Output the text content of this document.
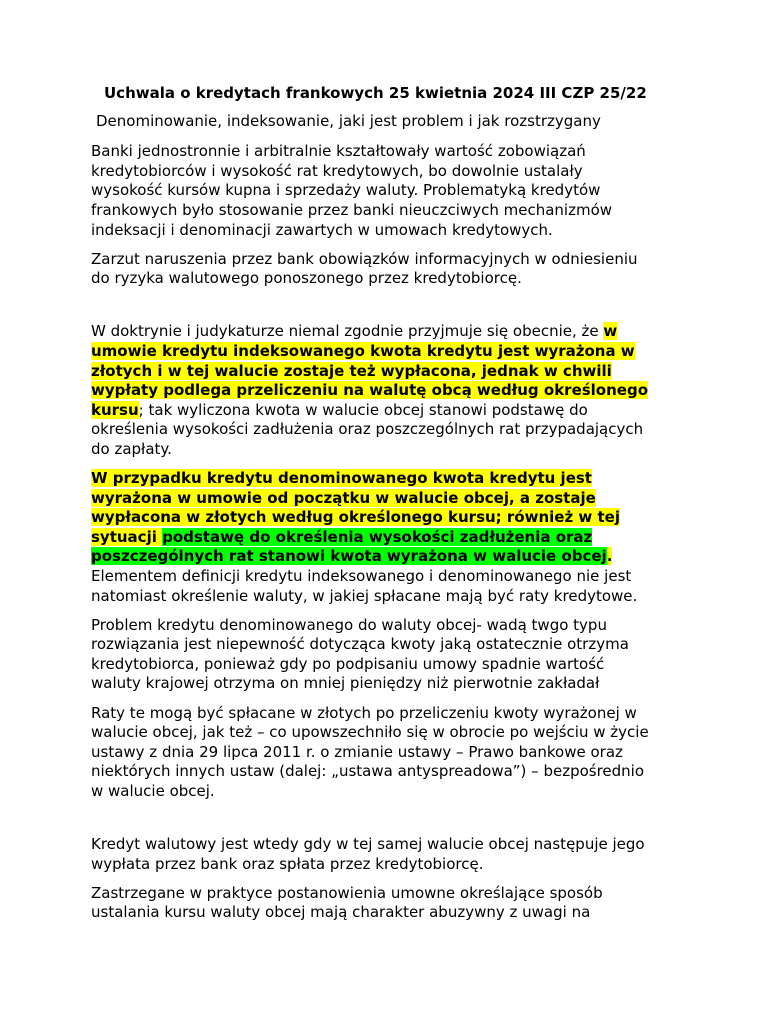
Uchwala o kredytach frankowych 25 kwietnia 2024 III CZP 25/22
Denominowanie, indeksowanie, jaki jest problem i jak rozstrzygany

Banki jednostronnie i arbitralnie kształtowały wartość zobowiązań
kredytobiorców i wysokość rat kredytowych, bo dowolnie ustalały
wysokość kursów kupna i sprzedaży waluty. Problematyką kredytów
frankowych było stosowanie przez banki nieuczciwych mechanizmów
indeksacji i denominacji zawartych w umowach kredytowych.

Zarzut naruszenia przez bank obowiązków informacyjnych w odniesieniu
do ryzyka walutowego ponoszonego przez kredytobiorcę.

W doktrynie i judykaturze niemal zgodnie przyjmuje się obecnie, że w
umowie kredytu indeksowanego kwota kredytu jest wyrażona w
złotych i w tej walucie zostaje też wypłacona, jednak w chwili
wypłaty podlega przeliczeniu na walutę obcą według określonego
kursu; tak wyliczona kwota w walucie obcej stanowi podstawę do
określenia wysokości zadłużenia oraz poszczególnych rat przypadających
do zapłaty.

W przypadku kredytu denominowanego kwota kredytu jest
wyrażona w umowie od początku w walucie obcej, a zostaje
wypłacona w złotych według określonego kursu; również w tej
sytuacji podstawę do określenia wysokości zadłużenia oraz
poszczególnych rat stanowi kwota wyrażona w walucie obcej.
Elementem definicji kredytu indeksowanego i denominowanego nie jest
natomiast określenie waluty, w jakiej spłacane mają być raty kredytowe.

Problem kredytu denominowanego do waluty obcej- wadą twgo typu
rozwiązania jest niepewność dotycząca kwoty jaką ostatecznie otrzyma
kredytobiorca, ponieważ gdy po podpisaniu umowy spadnie wartość
waluty krajowej otrzyma on mniej pieniędzy niż pierwotnie zakładał

Raty te mogą być spłacane w złotych po przeliczeniu kwoty wyrażonej w
walucie obcej, jak też – co upowszechniło się w obrocie po wejściu w życie
ustawy z dnia 29 lipca 2011 r. o zmianie ustawy – Prawo bankowe oraz
niektórych innych ustaw (dalej: „ustawa antyspreadowa”) – bezpośrednio
w walucie obcej.

Kredyt walutowy jest wtedy gdy w tej samej walucie obcej następuje jego
wypłata przez bank oraz spłata przez kredytobiorcę.

Zastrzegane w praktyce postanowienia umowne określające sposób
ustalania kursu waluty obcej mają charakter abuzywny z uwagi na
